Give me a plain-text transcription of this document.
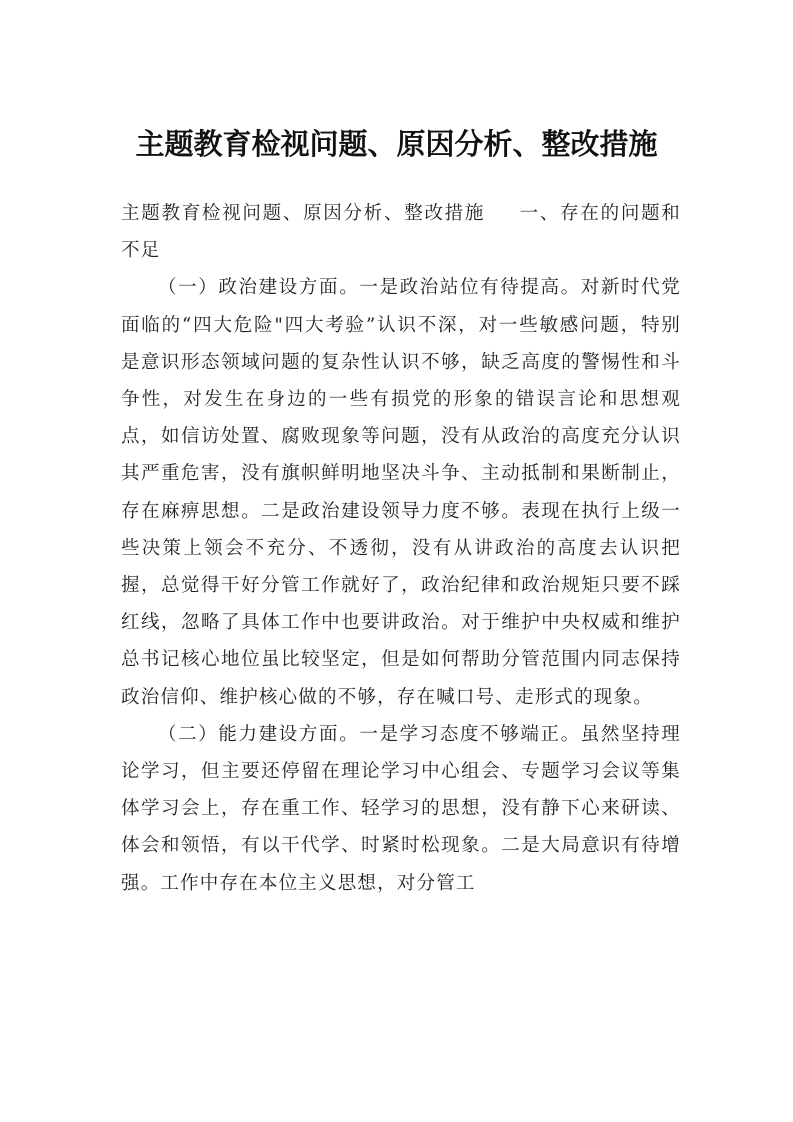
主题教育检视问题、原因分析、整改措施

主题教育检视问题、原因分析、整改措施 一、存在的问题和不足

（一）政治建设方面。一是政治站位有待提高。对新时代党面临的“四大危险"四大考验”认识不深，对一些敏感问题，特别是意识形态领域问题的复杂性认识不够，缺乏高度的警惕性和斗争性，对发生在身边的一些有损党的形象的错误言论和思想观点，如信访处置、腐败现象等问题，没有从政治的高度充分认识其严重危害，没有旗帜鲜明地坚决斗争、主动抵制和果断制止，存在麻痹思想。二是政治建设领导力度不够。表现在执行上级一些决策上领会不充分、不透彻，没有从讲政治的高度去认识把握，总觉得干好分管工作就好了，政治纪律和政治规矩只要不踩红线，忽略了具体工作中也要讲政治。对于维护中央权威和维护总书记核心地位虽比较坚定，但是如何帮助分管范围内同志保持政治信仰、维护核心做的不够，存在喊口号、走形式的现象。

（二）能力建设方面。一是学习态度不够端正。虽然坚持理论学习，但主要还停留在理论学习中心组会、专题学习会议等集体学习会上，存在重工作、轻学习的思想，没有静下心来研读、体会和领悟，有以干代学、时紧时松现象。二是大局意识有待增强。工作中存在本位主义思想，对分管工
